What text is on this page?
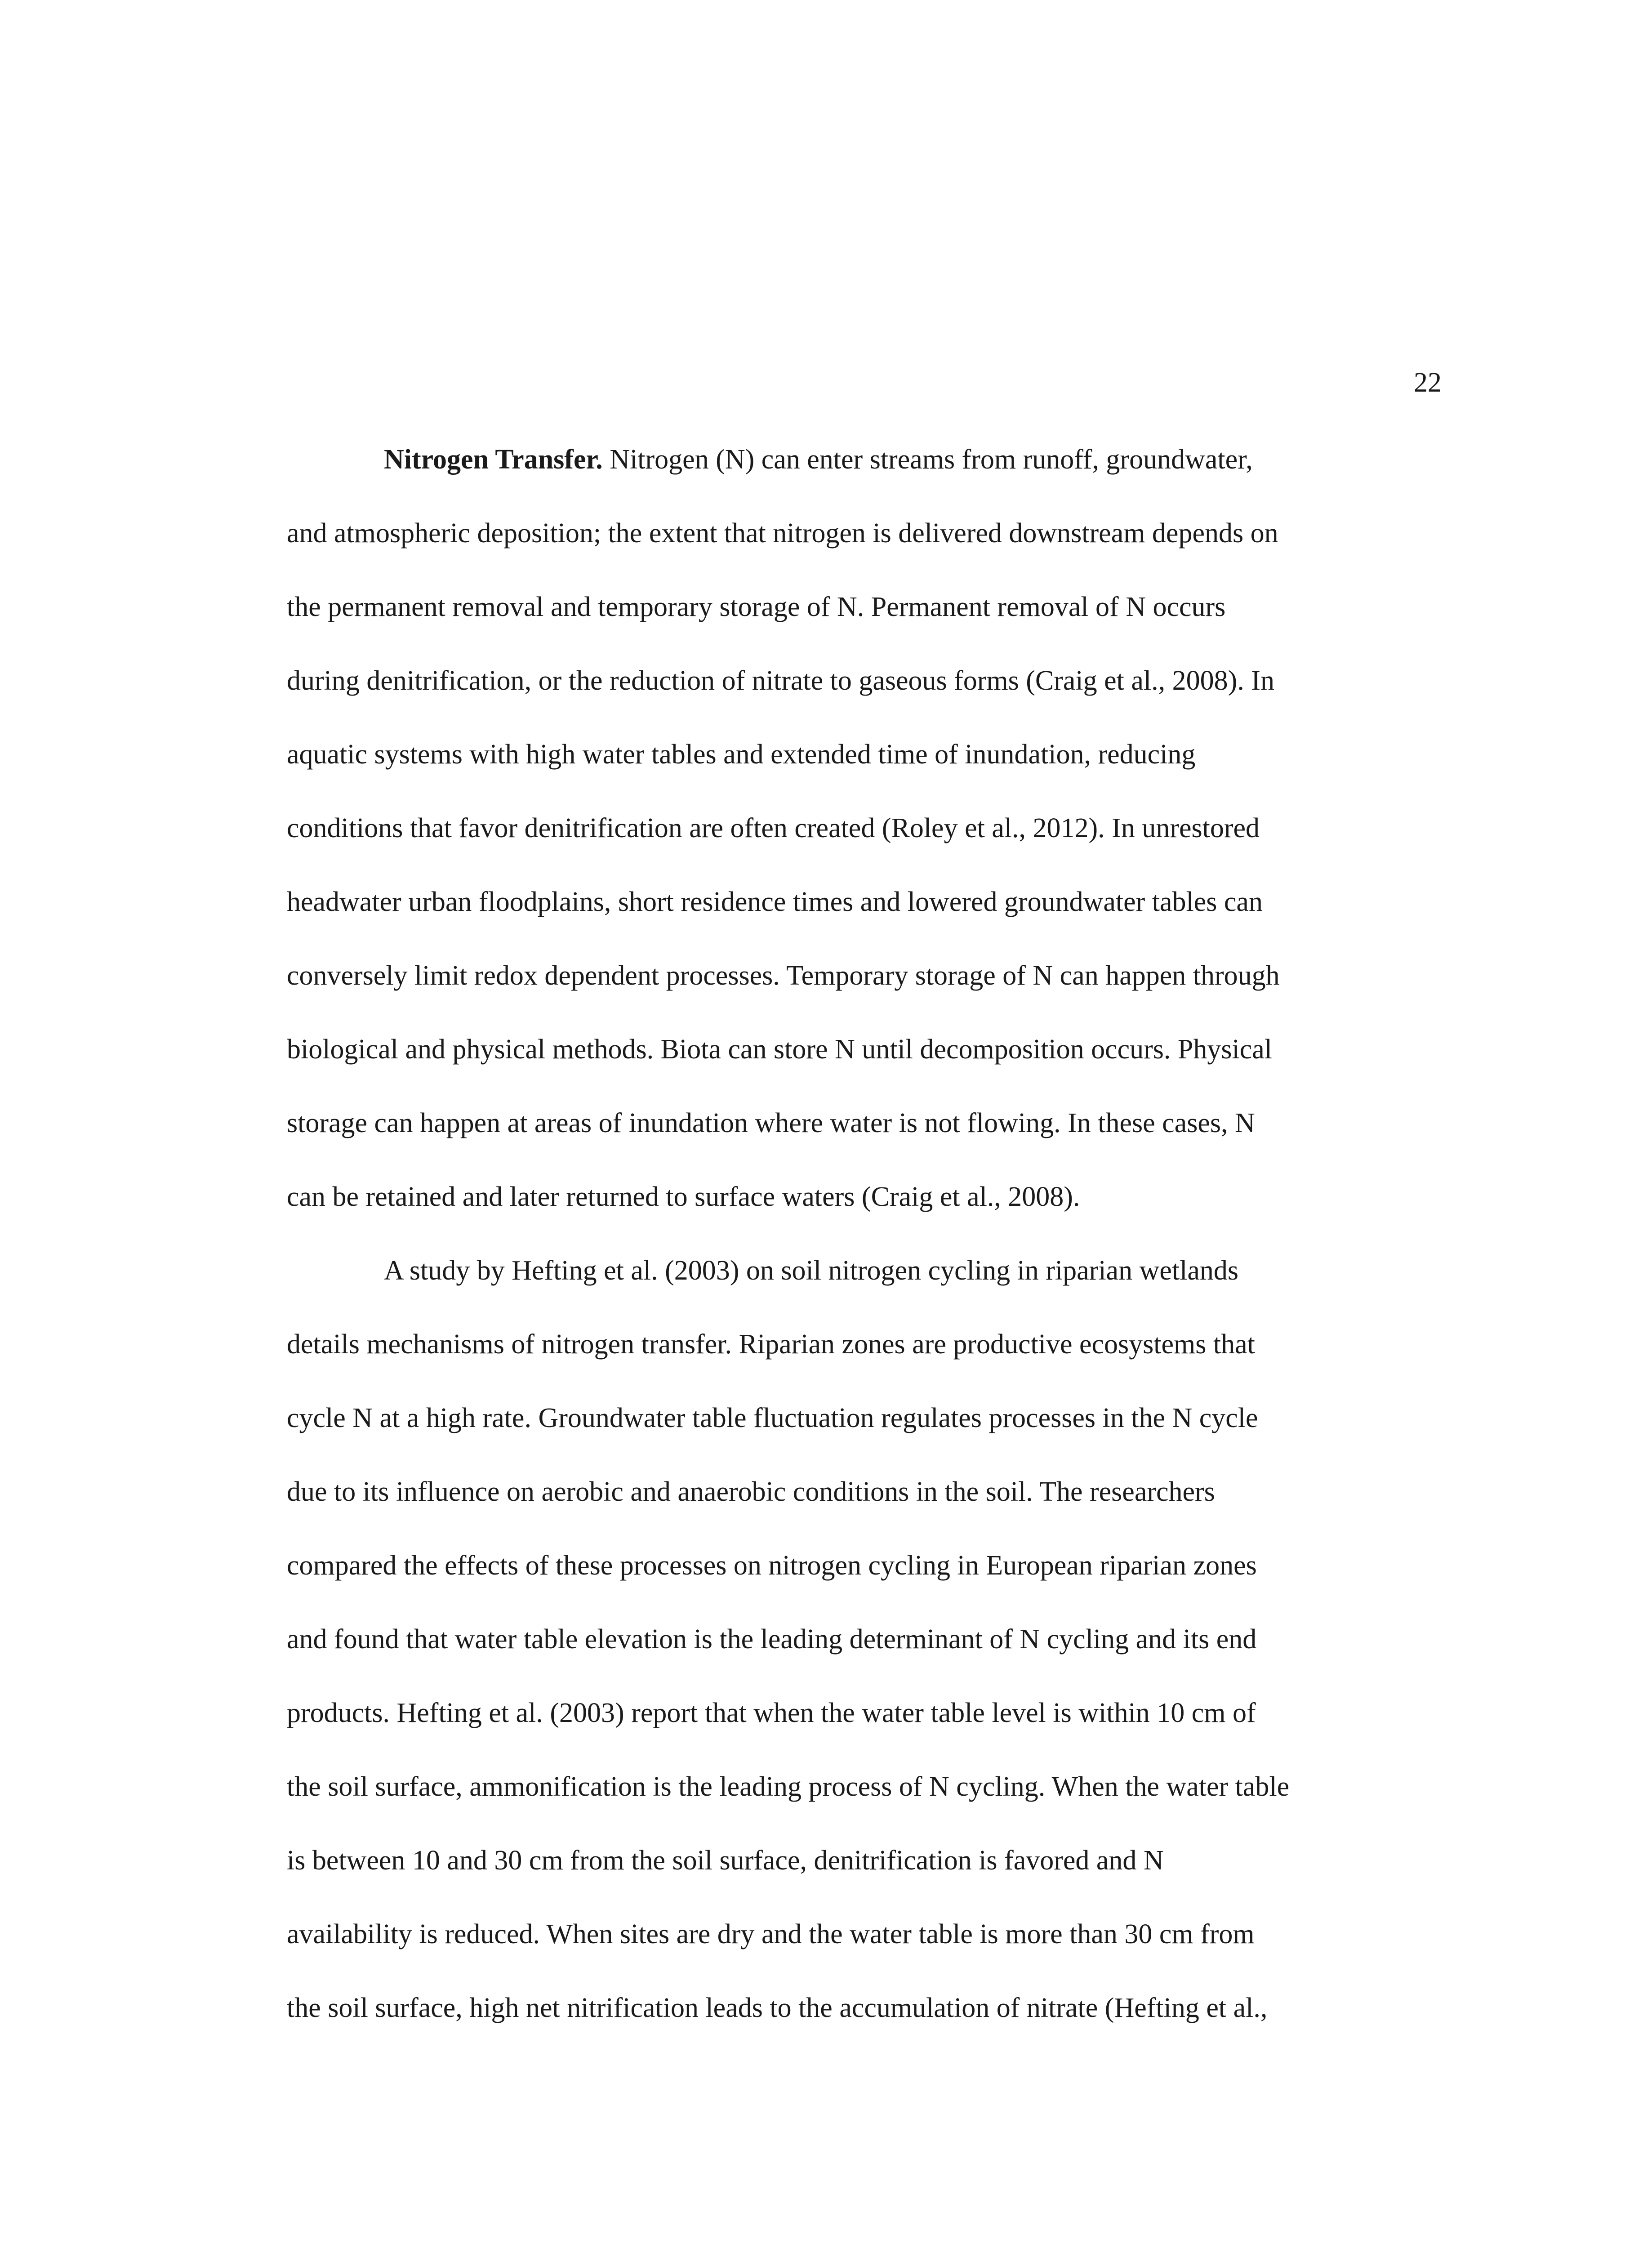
22
Nitrogen Transfer. Nitrogen (N) can enter streams from runoff, groundwater,
and atmospheric deposition; the extent that nitrogen is delivered downstream depends on
the permanent removal and temporary storage of N. Permanent removal of N occurs
during denitrification, or the reduction of nitrate to gaseous forms (Craig et al., 2008). In
aquatic systems with high water tables and extended time of inundation, reducing
conditions that favor denitrification are often created (Roley et al., 2012). In unrestored
headwater urban floodplains, short residence times and lowered groundwater tables can
conversely limit redox dependent processes. Temporary storage of N can happen through
biological and physical methods. Biota can store N until decomposition occurs. Physical
storage can happen at areas of inundation where water is not flowing. In these cases, N
can be retained and later returned to surface waters (Craig et al., 2008).
A study by Hefting et al. (2003) on soil nitrogen cycling in riparian wetlands
details mechanisms of nitrogen transfer. Riparian zones are productive ecosystems that
cycle N at a high rate. Groundwater table fluctuation regulates processes in the N cycle
due to its influence on aerobic and anaerobic conditions in the soil. The researchers
compared the effects of these processes on nitrogen cycling in European riparian zones
and found that water table elevation is the leading determinant of N cycling and its end
products. Hefting et al. (2003) report that when the water table level is within 10 cm of
the soil surface, ammonification is the leading process of N cycling. When the water table
is between 10 and 30 cm from the soil surface, denitrification is favored and N
availability is reduced. When sites are dry and the water table is more than 30 cm from
the soil surface, high net nitrification leads to the accumulation of nitrate (Hefting et al.,
